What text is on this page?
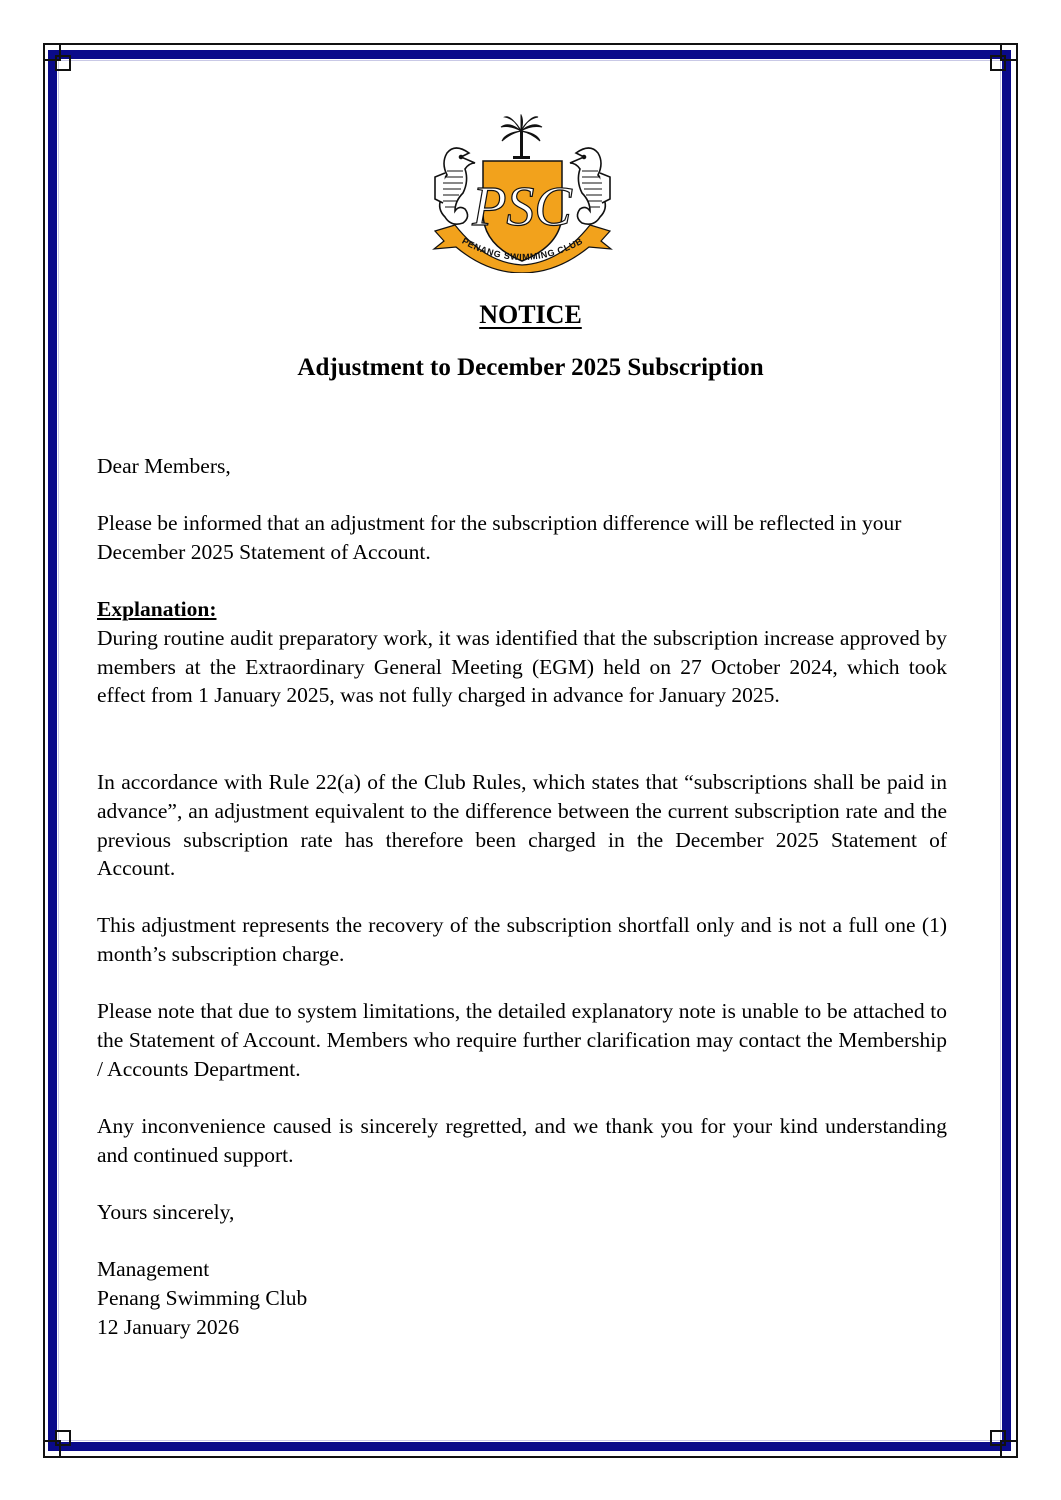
PSC
PENANG SWIMMING CLUB
NOTICE
Adjustment to December 2025 Subscription

Dear Members,

Please be informed that an adjustment for the subscription difference will be reflected in your December 2025 Statement of Account.

Explanation:

During routine audit preparatory work, it was identified that the subscription increase approved by members at the Extraordinary General Meeting (EGM) held on 27 October 2024, which took effect from 1 January 2025, was not fully charged in advance for January 2025.

In accordance with Rule 22(a) of the Club Rules, which states that “subscriptions shall be paid in advance”, an adjustment equivalent to the difference between the current subscription rate and the previous subscription rate has therefore been charged in the December 2025 Statement of Account.

This adjustment represents the recovery of the subscription shortfall only and is not a full one (1) month’s subscription charge.

Please note that due to system limitations, the detailed explanatory note is unable to be attached to the Statement of Account. Members who require further clarification may contact the Membership / Accounts Department.

Any inconvenience caused is sincerely regretted, and we thank you for your kind understanding and continued support.

Yours sincerely,

Management

Penang Swimming Club

12 January 2026
